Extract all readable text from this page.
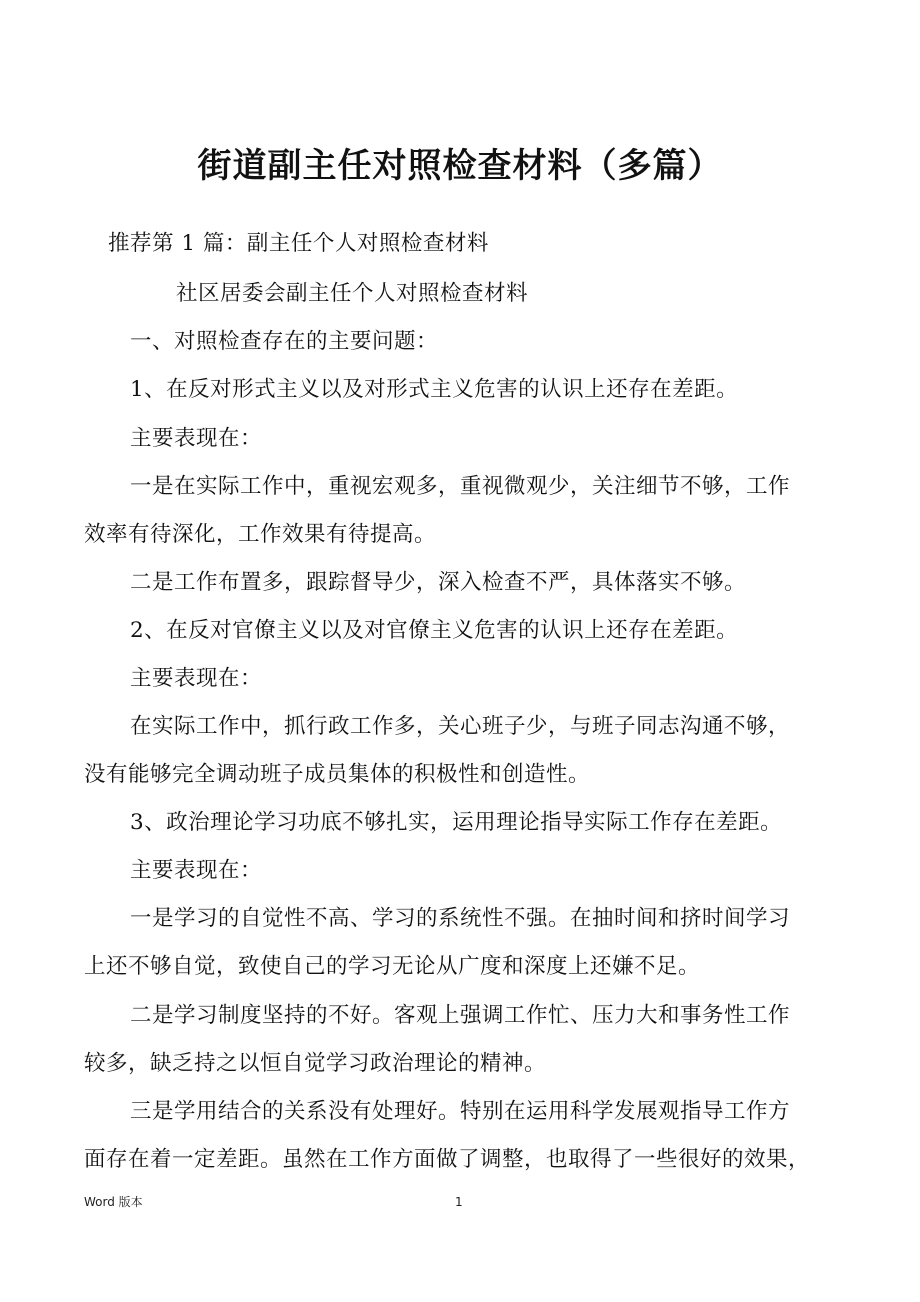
街道副主任对照检查材料（多篇）
推荐第 1 篇：副主任个人对照检查材料
社区居委会副主任个人对照检查材料
一、对照检查存在的主要问题：
1、在反对形式主义以及对形式主义危害的认识上还存在差距。
主要表现在：
一是在实际工作中，重视宏观多，重视微观少，关注细节不够，工作
效率有待深化，工作效果有待提高。
二是工作布置多，跟踪督导少，深入检查不严，具体落实不够。
2、在反对官僚主义以及对官僚主义危害的认识上还存在差距。
主要表现在：
在实际工作中，抓行政工作多，关心班子少，与班子同志沟通不够，
没有能够完全调动班子成员集体的积极性和创造性。
3、政治理论学习功底不够扎实，运用理论指导实际工作存在差距。
主要表现在：
一是学习的自觉性不高、学习的系统性不强。在抽时间和挤时间学习
上还不够自觉，致使自己的学习无论从广度和深度上还嫌不足。
二是学习制度坚持的不好。客观上强调工作忙、压力大和事务性工作
较多，缺乏持之以恒自觉学习政治理论的精神。
三是学用结合的关系没有处理好。特别在运用科学发展观指导工作方
面存在着一定差距。虽然在工作方面做了调整，也取得了一些很好的效果，
Word 版本	1
